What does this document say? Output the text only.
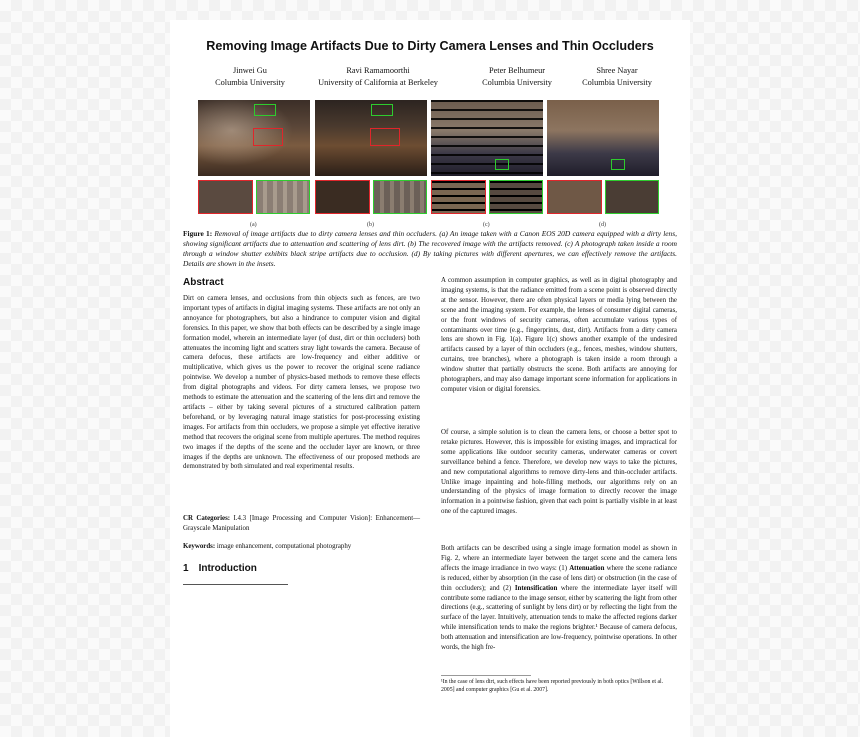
Removing Image Artifacts Due to Dirty Camera Lenses and Thin Occluders
Jinwei Gu
Columbia University
Ravi Ramamoorthi
University of California at Berkeley
Peter Belhumeur
Columbia University
Shree Nayar
Columbia University
(a)	(b)	(c)	(d)
Figure 1: Removal of image artifacts due to dirty camera lenses and thin occluders. (a) An image taken with a Canon EOS 20D camera equipped with a dirty lens, showing significant artifacts due to attenuation and scattering of lens dirt. (b) The recovered image with the artifacts removed. (c) A photograph taken inside a room through a window shutter exhibits black stripe artifacts due to occlusion. (d) By taking pictures with different apertures, we can effectively remove the artifacts. Details are shown in the insets.
Abstract

Dirt on camera lenses, and occlusions from thin objects such as fences, are two important types of artifacts in digital imaging systems. These artifacts are not only an annoyance for photographers, but also a hindrance to computer vision and digital forensics. In this paper, we show that both effects can be described by a single image formation model, wherein an intermediate layer (of dust, dirt or thin occluders) both attenuates the incoming light and scatters stray light towards the camera. Because of camera defocus, these artifacts are low-frequency and either additive or multiplicative, which gives us the power to recover the original scene radiance pointwise. We develop a number of physics-based methods to remove these effects from digital photographs and videos. For dirty camera lenses, we propose two methods to estimate the attenuation and the scattering of the lens dirt and remove the artifacts – either by taking several pictures of a structured calibration pattern beforehand, or by leveraging natural image statistics for post-processing existing images. For artifacts from thin occluders, we propose a simple yet effective iterative method that recovers the original scene from multiple apertures. The method requires two images if the depths of the scene and the occluder layer are known, or three images if the depths are unknown. The effectiveness of our proposed methods are demonstrated by both simulated and real experimental results.

CR Categories: I.4.3 [Image Processing and Computer Vision]: Enhancement—Grayscale Manipulation

Keywords: image enhancement, computational photography

1 Introduction

A common assumption in computer graphics, as well as in digital photography and imaging systems, is that the radiance emitted from a scene point is observed directly at the sensor. However, there are often physical layers or media lying between the scene and the imaging system. For example, the lenses of consumer digital cameras, or the front windows of security cameras, often accumulate various types of contaminants over time (e.g., fingerprints, dust, dirt). Artifacts from a dirty camera lens are shown in Fig. 1(a). Figure 1(c) shows another example of the undesired artifacts caused by a layer of thin occluders (e.g., fences, meshes, window shutters, curtains, tree branches), where a photograph is taken inside a room through a window shutter that partially obstructs the scene. Both artifacts are annoying for photographers, and may also damage important scene information for applications in computer vision or digital forensics.

Of course, a simple solution is to clean the camera lens, or choose a better spot to retake pictures. However, this is impossible for existing images, and impractical for some applications like outdoor security cameras, underwater cameras or covert surveillance behind a fence. Therefore, we develop new ways to take the pictures, and new computational algorithms to remove dirty-lens and thin-occluder artifacts. Unlike image inpainting and hole-filling methods, our algorithms rely on an understanding of the physics of image formation to directly recover the image information in a pointwise fashion, given that each point is partially visible in at least one of the captured images.

Both artifacts can be described using a single image formation model as shown in Fig. 2, where an intermediate layer between the target scene and the camera lens affects the image irradiance in two ways: (1) Attenuation where the scene radiance is reduced, either by absorption (in the case of lens dirt) or obstruction (in the case of thin occluders); and (2) Intensification where the intermediate layer itself will contribute some radiance to the image sensor, either by scattering the light from other directions (e.g., scattering of sunlight by lens dirt) or by reflecting the light from the surface of the layer. Intuitively, attenuation tends to make the affected regions darker while intensification tends to make the regions brighter.¹ Because of camera defocus, both attenuation and intensification are low-frequency, pointwise operations. In other words, the high fre-

¹In the case of lens dirt, such effects have been reported previously in both optics [Willson et al. 2005] and computer graphics [Gu et al. 2007].
